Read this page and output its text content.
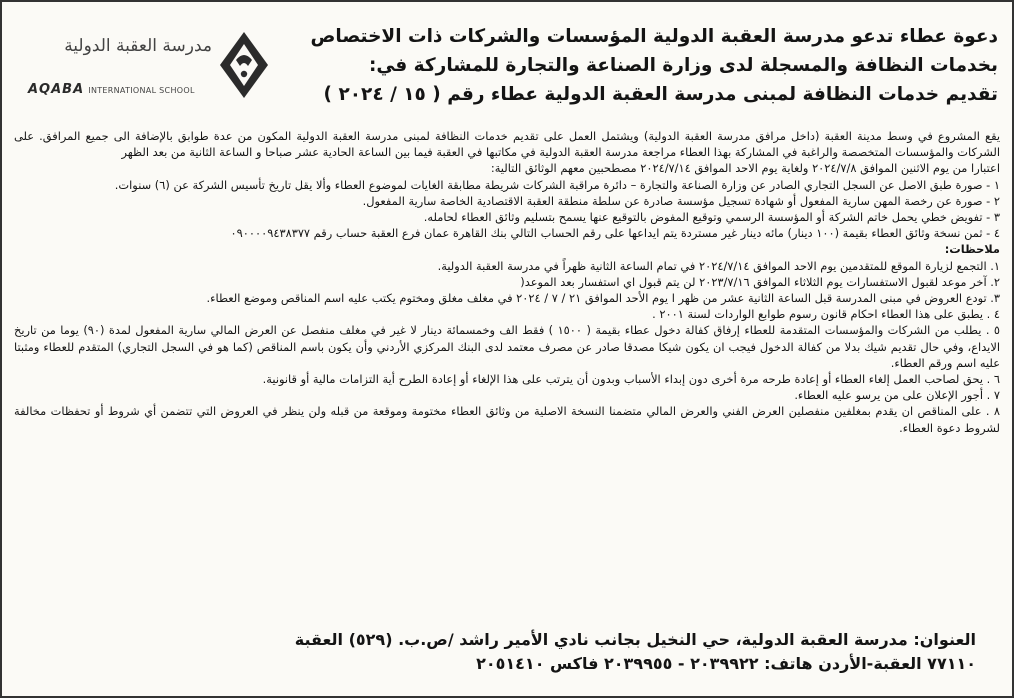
مدرسة العقبة الدولية
AQABA INTERNATIONAL SCHOOL
دعوة عطاء تدعو مدرسة العقبة الدولية المؤسسات والشركات ذات الاختصاص
بخدمات النظافة والمسجلة لدى وزارة الصناعة والتجارة للمشاركة في:
تقديم خدمات النظافة لمبنى مدرسة العقبة الدولية عطاء رقم ( ١٥ / ٢٠٢٤ )

يقع المشروع في وسط مدينة العقبة (داخل مرافق مدرسة العقبة الدولية) ويشتمل العمل على تقديم خدمات النظافة لمبنى مدرسة العقبة الدولية المكون من عدة طوابق بالإضافة الى جميع المرافق. على الشركات والمؤسسات المتخصصة والراغبة في المشاركة بهذا العطاء مراجعة مدرسة العقبة الدولية في مكاتبها في العقبة فيما بين الساعة الحادية عشر صباحا و الساعة الثانية من بعد الظهر

اعتبارا من يوم الاثنين الموافق ٢٠٢٤/٧/٨ ولغاية يوم الاحد الموافق ٢٠٢٤/٧/١٤ مصطحبين معهم الوثائق التالية:

١ - صورة طبق الاصل عن السجل التجاري الصادر عن وزارة الصناعة والتجارة – دائرة مراقبة الشركات شريطة مطابقة الغايات لموضوع العطاء وألا يقل تاريخ تأسيس الشركة عن (٦) سنوات.

٢ - صورة عن رخصة المهن سارية المفعول أو شهادة تسجيل مؤسسة صادرة عن سلطة منطقة العقبة الاقتصادية الخاصة سارية المفعول.

٣ - تفويض خطي يحمل خاتم الشركة أو المؤسسة الرسمي وتوقيع المفوض بالتوقيع عنها يسمح بتسليم وثائق العطاء لحامله.

٤ - ثمن نسخة وثائق العطاء بقيمة (١٠٠ دينار) مائه دينار غير مستردة يتم ايداعها على رقم الحساب التالي بنك القاهرة عمان فرع العقبة حساب رقم ٠٩٠٠٠٠٩٤٣٨٣٧٧

ملاحظات:

١. التجمع لزيارة الموقع للمتقدمين يوم الاحد الموافق ٢٠٢٤/٧/١٤ في تمام الساعة الثانية ظهراً في مدرسة العقبة الدولية.

٢. آخر موعد لقبول الاستفسارات يوم الثلاثاء الموافق ٢٠٢٣/٧/١٦ لن يتم قبول اي استفسار بعد الموعد(

٣. تودع العروض في مبنى المدرسة قبل الساعة الثانية عشر من ظهر ا يوم الأحد الموافق ٢١ / ٧ / ٢٠٢٤ في مغلف مغلق ومختوم يكتب عليه اسم المناقص وموضع العطاء.

٤ . يطبق على هذا العطاء احكام قانون رسوم طوابع الواردات لسنة ٢٠٠١ .

٥ . يطلب من الشركات والمؤسسات المتقدمة للعطاء إرفاق كفالة دخول عطاء بقيمة ( ١٥٠٠ ) فقط الف وخمسمائة دينار لا غير في مغلف منفصل عن العرض المالي سارية المفعول لمدة (٩٠) يوما من تاريخ الايداع، وفي حال تقديم شيك بدلا من كفالة الدخول فيجب ان يكون شيكا مصدقا صادر عن مصرف معتمد لدى البنك المركزي الأردني وأن يكون باسم المناقص (كما هو في السجل التجاري) المتقدم للعطاء ومثبتا عليه اسم ورقم العطاء.

٦ . يحق لصاحب العمل إلغاء العطاء أو إعادة طرحه مرة أخرى دون إبداء الأسباب وبدون أن يترتب على هذا الإلغاء أو إعادة الطرح أية التزامات مالية أو قانونية.

٧ . أجور الإعلان على من يرسو عليه العطاء.

٨ . على المناقص ان يقدم بمغلفين منفصلين العرض الفني والعرض المالي متضمنا النسخة الاصلية من وثائق العطاء مختومة وموقعة من قبله ولن ينظر في العروض التي تتضمن أي شروط أو تحفظات مخالفة لشروط دعوة العطاء.

العنوان: مدرسة العقبة الدولية، حي النخيل بجانب نادي الأمير راشد /ص.ب. (٥٢٩) العقبة
٧٧١١٠ العقبة-الأردن هاتف: ٢٠٣٩٩٢٢ - ٢٠٣٩٩٥٥ فاكس ٢٠٥١٤١٠
